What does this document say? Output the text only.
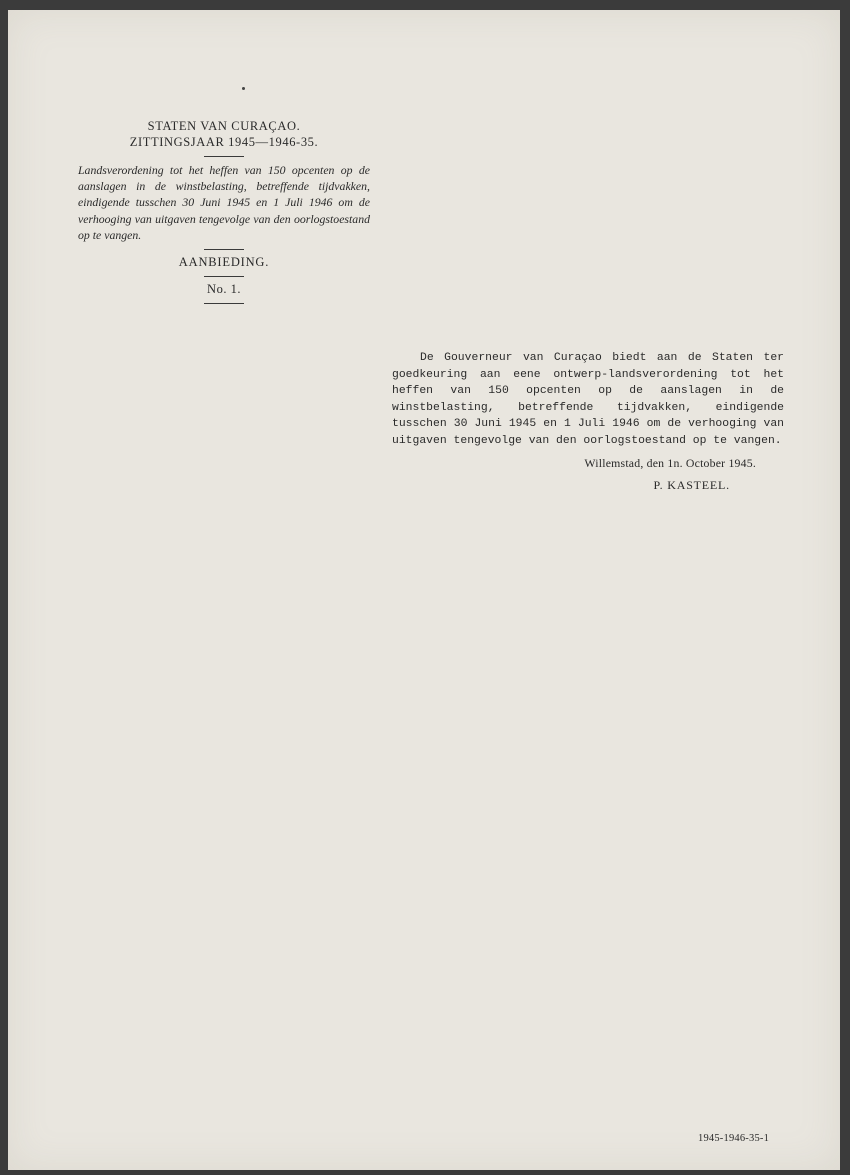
STATEN VAN CURAÇAO.
ZITTINGSJAAR 1945—1946-35.
Landsverordening tot het heffen van 150 opcenten op de aanslagen in de winstbelasting, betreffende tijdvakken, eindigende tusschen 30 Juni 1945 en 1 Juli 1946 om de verhooging van uitgaven tengevolge van den oorlogstoestand op te vangen.
AANBIEDING.
No. 1.

De Gouverneur van Curaçao biedt aan de Staten ter goedkeuring aan eene ontwerp-landsverordening tot het heffen van 150 opcenten op de aanslagen in de winstbelasting, betreffende tijdvakken, eindigende tusschen 30 Juni 1945 en 1 Juli 1946 om de verhooging van uitgaven tengevolge van den oorlogstoestand op te vangen.

Willemstad, den 1n. October 1945.
P. KASTEEL.
1945-1946-35-1
